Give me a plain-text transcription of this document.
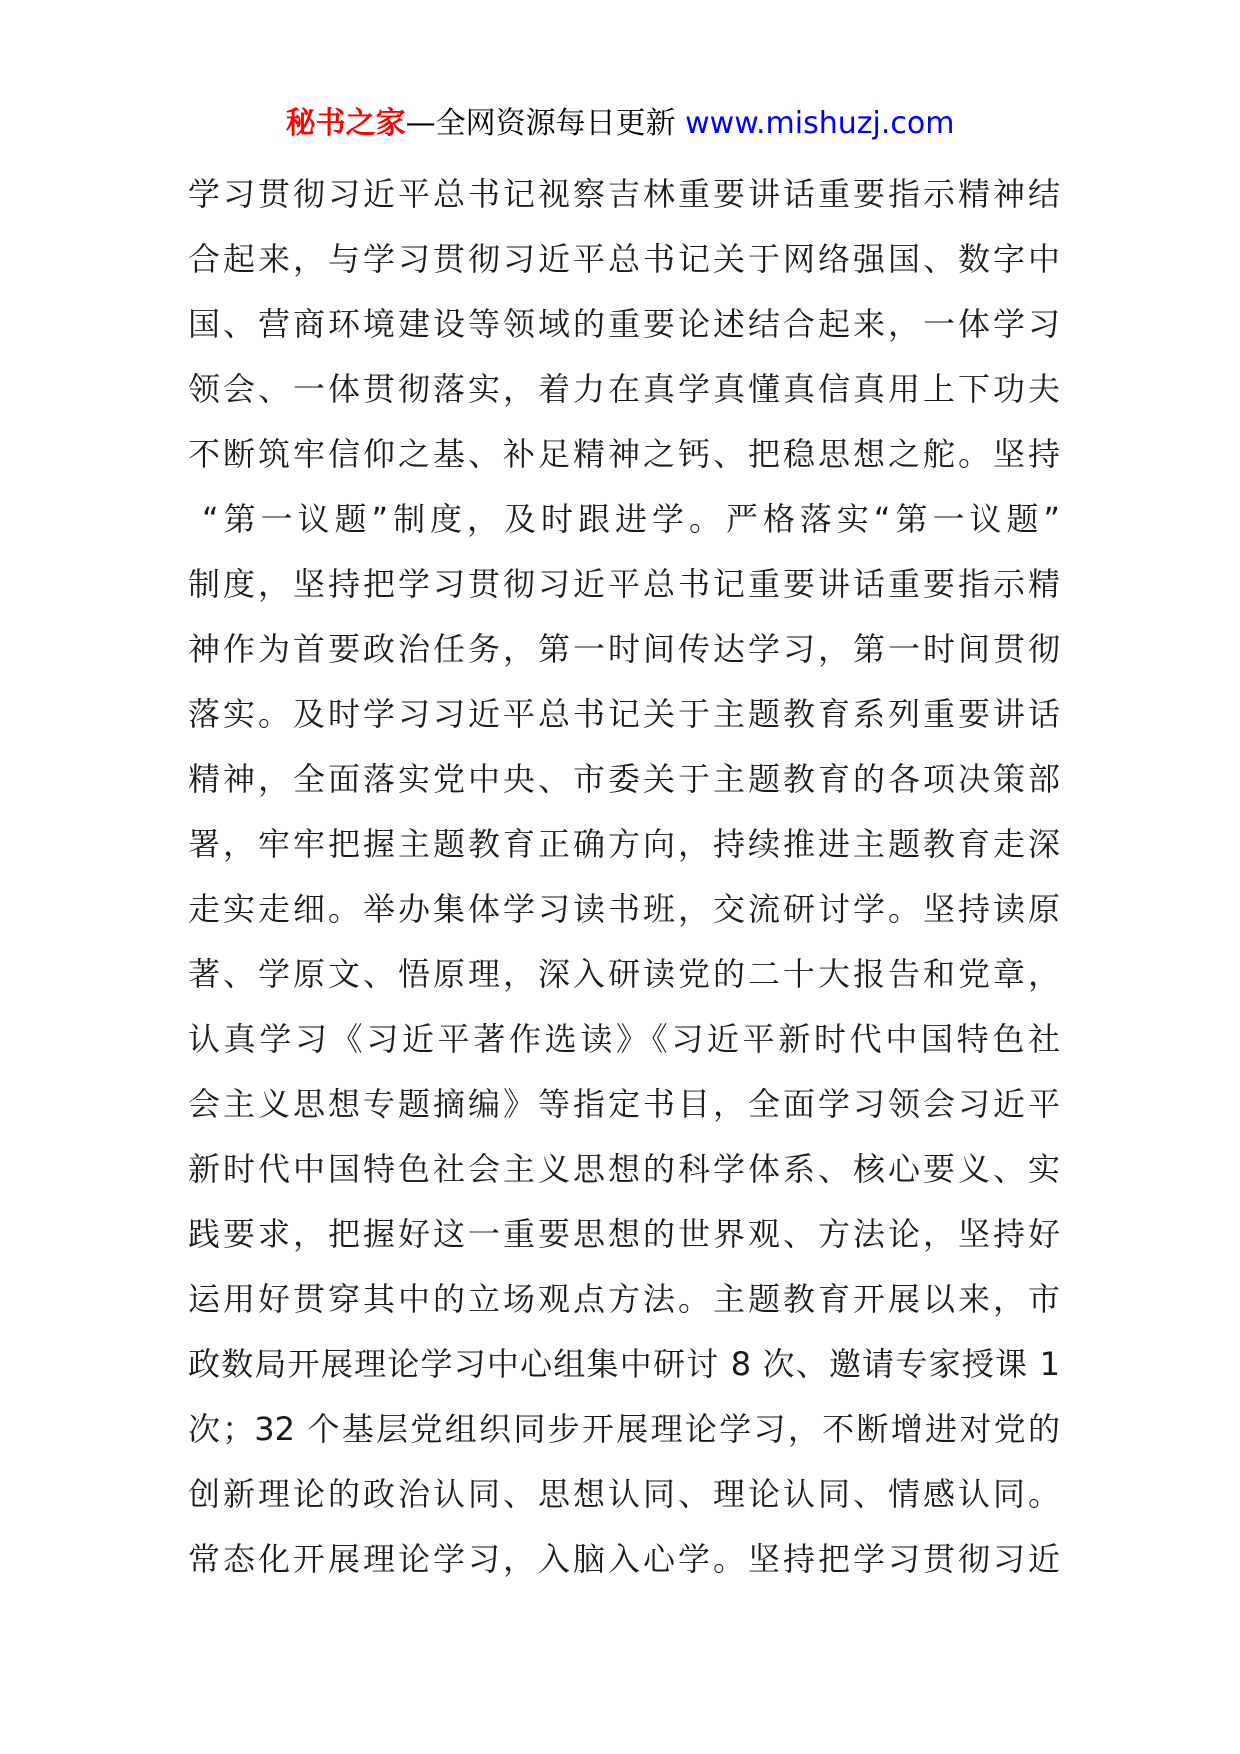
秘书之家—全网资源每日更新 www.mishuzj.com
学习贯彻习近平总书记视察吉林重要讲话重要指示精神结
合起来，与学习贯彻习近平总书记关于网络强国、数字中
国、营商环境建设等领域的重要论述结合起来，一体学习
领会、一体贯彻落实，着力在真学真懂真信真用上下功夫
不断筑牢信仰之基、补足精神之钙、把稳思想之舵。坚持
“第一议题”制度，及时跟进学。严格落实“第一议题”
制度，坚持把学习贯彻习近平总书记重要讲话重要指示精
神作为首要政治任务，第一时间传达学习，第一时间贯彻
落实。及时学习习近平总书记关于主题教育系列重要讲话
精神，全面落实党中央、市委关于主题教育的各项决策部
署，牢牢把握主题教育正确方向，持续推进主题教育走深
走实走细。举办集体学习读书班，交流研讨学。坚持读原
著、学原文、悟原理，深入研读党的二十大报告和党章，
认真学习《习近平著作选读》《习近平新时代中国特色社
会主义思想专题摘编》等指定书目，全面学习领会习近平
新时代中国特色社会主义思想的科学体系、核心要义、实
践要求，把握好这一重要思想的世界观、方法论，坚持好
运用好贯穿其中的立场观点方法。主题教育开展以来，市
政数局开展理论学习中心组集中研讨 8 次、邀请专家授课 1
次；32 个基层党组织同步开展理论学习，不断增进对党的
创新理论的政治认同、思想认同、理论认同、情感认同。
常态化开展理论学习，入脑入心学。坚持把学习贯彻习近
